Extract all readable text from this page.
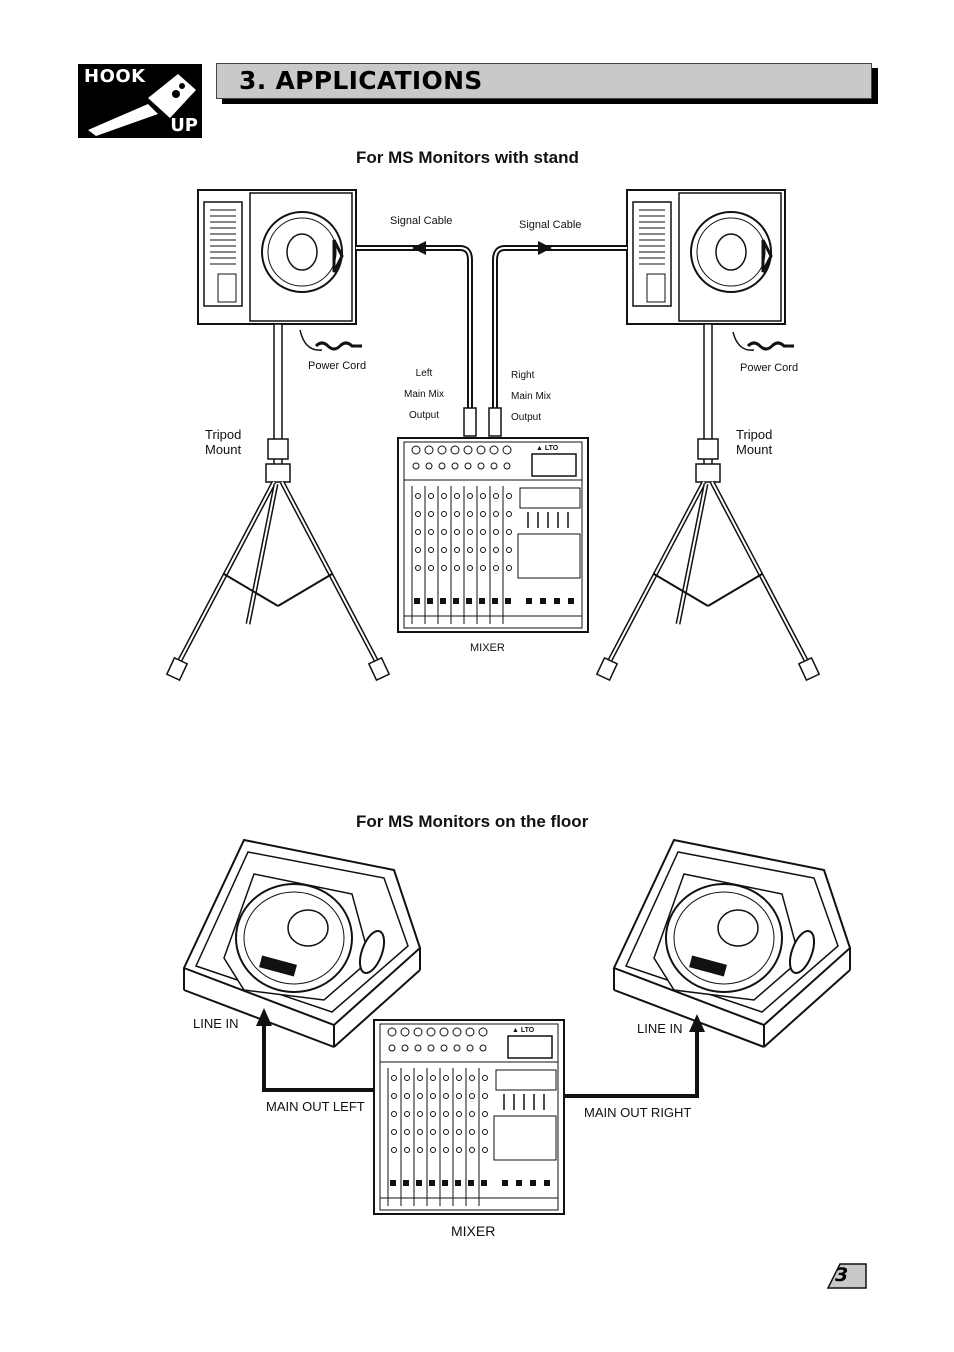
HOOK
UP
3. APPLICATIONS
For MS Monitors with stand
▲ LTO
Signal Cable	Signal Cable
Power Cord	Power Cord
Left
Main Mix
Output
Right
Main Mix
Output
Tripod
Mount
Tripod
Mount
MIXER
For MS Monitors on the floor
LINE IN	LINE IN
MAIN OUT LEFT	MAIN OUT RIGHT
MIXER
3
